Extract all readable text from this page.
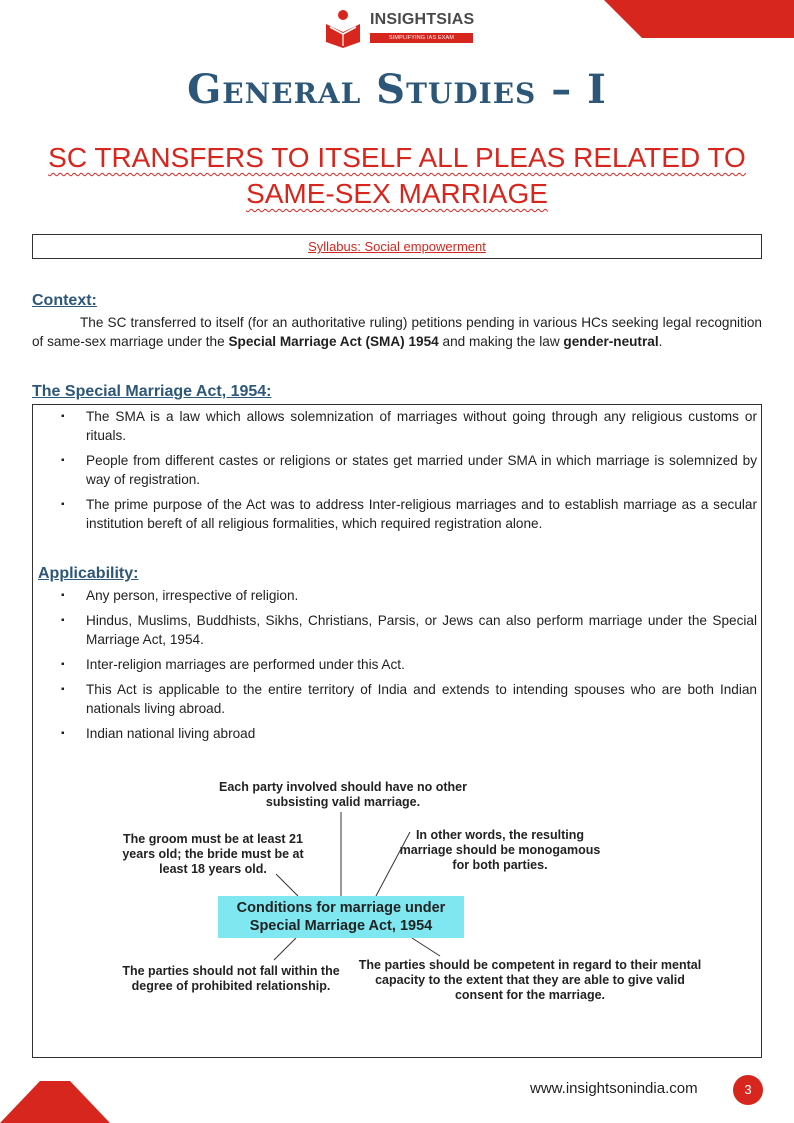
INSIGHTSIAS
SIMPLIFYING IAS EXAM PREPARATION
General Studies – I
SC TRANSFERS TO ITSELF ALL PLEAS RELATED TO
SAME-SEX MARRIAGE
Syllabus: Social empowerment
Context:

The SC transferred to itself (for an authoritative ruling) petitions pending in various HCs seeking legal recognition of same-sex marriage under the Special Marriage Act (SMA) 1954 and making the law gender-neutral.

The Special Marriage Act, 1954:
▪ The SMA is a law which allows solemnization of marriages without going through any religious customs or rituals.
▪ People from different castes or religions or states get married under SMA in which marriage is solemnized by way of registration.
▪ The prime purpose of the Act was to address Inter-religious marriages and to establish marriage as a secular institution bereft of all religious formalities, which required registration alone.
Applicability:
▪ Any person, irrespective of religion.
▪ Hindus, Muslims, Buddhists, Sikhs, Christians, Parsis, or Jews can also perform marriage under the Special Marriage Act, 1954.
▪ Inter-religion marriages are performed under this Act.
▪ This Act is applicable to the entire territory of India and extends to intending spouses who are both Indian nationals living abroad.
▪ Indian national living abroad
Each party involved should have no other subsisting valid marriage.
The groom must be at least 21 years old; the bride must be at least 18 years old.
In other words, the resulting marriage should be monogamous for both parties.
Conditions for marriage under Special Marriage Act, 1954
The parties should not fall within the degree of prohibited relationship.
The parties should be competent in regard to their mental capacity to the extent that they are able to give valid consent for the marriage.
www.insightsonindia.com	3
